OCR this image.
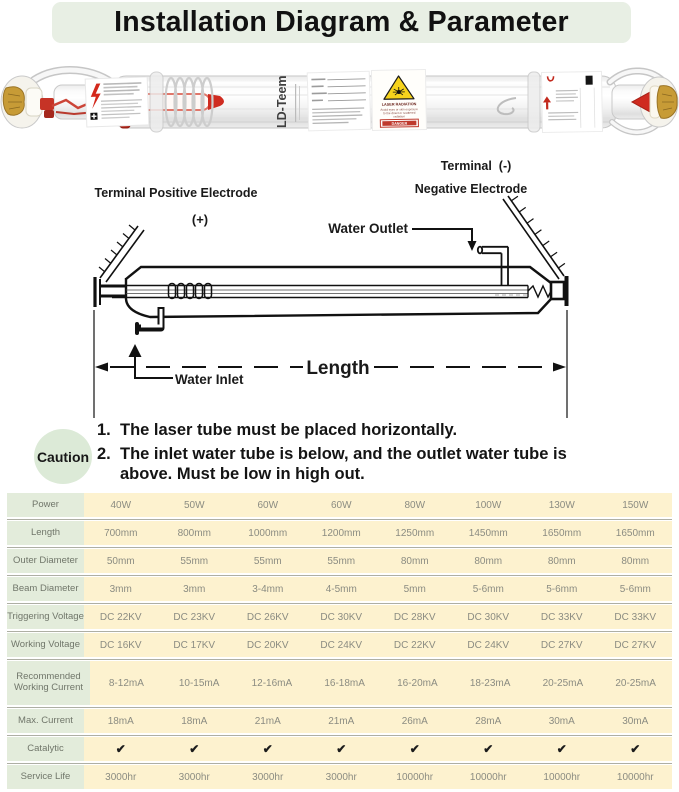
Installation Diagram & Parameter
LD-Teem	LASER RADIATION
Avoid eyes or skin exposure
to the direct or scattered
radiation
DANGER
Terminal  (-)
Negative Electrode
Terminal Positive Electrode
(+)
Water Outlet
Length
Water Inlet
Caution
1. The laser tube must be placed horizontally.
2. The inlet water tube is below, and the outlet water tube is above. Must be low in high out.
Power	40W	50W	60W	60W	80W	100W	130W	150W
Length	700mm	800mm	1000mm	1200mm	1250mm	1450mm	1650mm	1650mm
Outer Diameter	50mm	55mm	55mm	55mm	80mm	80mm	80mm	80mm
Beam Diameter	3mm	3mm	3-4mm	4-5mm	5mm	5-6mm	5-6mm	5-6mm
Triggering Voltage	DC 22KV	DC 23KV	DC 26KV	DC 30KV	DC 28KV	DC 30KV	DC 33KV	DC 33KV
Working Voltage	DC 16KV	DC 17KV	DC 20KV	DC 24KV	DC 22KV	DC 24KV	DC 27KV	DC 27KV
Recommended Working Current	8-12mA	10-15mA	12-16mA	16-18mA	16-20mA	18-23mA	20-25mA	20-25mA
Max. Current	18mA	18mA	21mA	21mA	26mA	28mA	30mA	30mA
Catalytic	✔	✔	✔	✔	✔	✔	✔	✔
Service Life	3000hr	3000hr	3000hr	3000hr	10000hr	10000hr	10000hr	10000hr
